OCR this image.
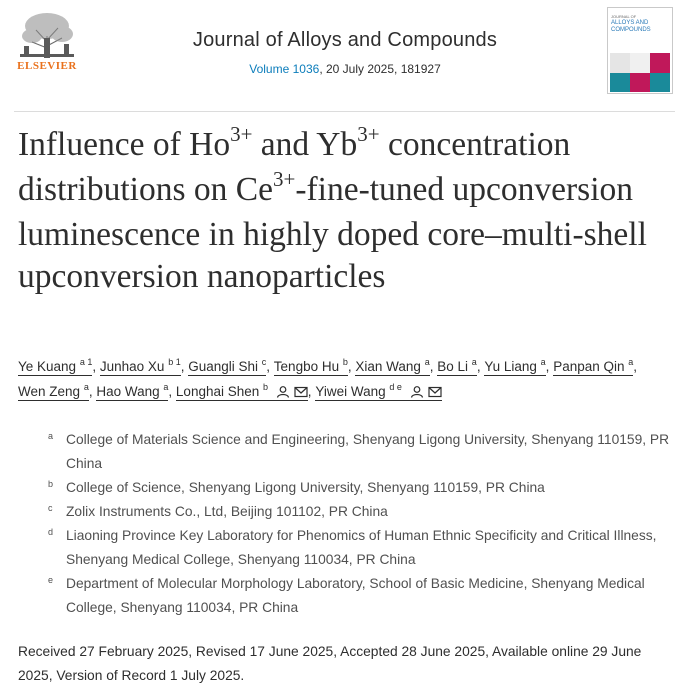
ELSEVIER
Journal of Alloys and Compounds
Volume 1036, 20 July 2025, 181927
JOURNAL OF
ALLOYS AND
COMPOUNDS
Influence of $Ho^{3+}$ and $Yb^{3+}$ concentration distributions on $Ce^{3+}-fine$-tuned upconversion luminescence in highly doped core–multi-shell upconversion nanoparticles
Ye Kuang $^{a 1}$, Junhao Xu $^{b 1}$, Guangli Shi $^c$, Tengbo Hu $^b$, Xian Wang $^a$, Bo Li $^a$, Yu Liang $^a$, Panpan Qin $^a$, Wen Zeng $^a$, Hao Wang $^a$, Longhai Shen $^b$	, Yiwei Wang $^{d e}$
a College of Materials Science and Engineering, Shenyang Ligong University, Shenyang 110159, PR China
b College of Science, Shenyang Ligong University, Shenyang 110159, PR China
c Zolix Instruments Co., Ltd, Beijing 101102, PR China
d Liaoning Province Key Laboratory for Phenomics of Human Ethnic Specificity and Critical Illness, Shenyang Medical College, Shenyang 110034, PR China
e Department of Molecular Morphology Laboratory, School of Basic Medicine, Shenyang Medical College, Shenyang 110034, PR China
Received 27 February 2025, Revised 17 June 2025, Accepted 28 June 2025, Available online 29 June 2025, Version of Record 1 July 2025.
